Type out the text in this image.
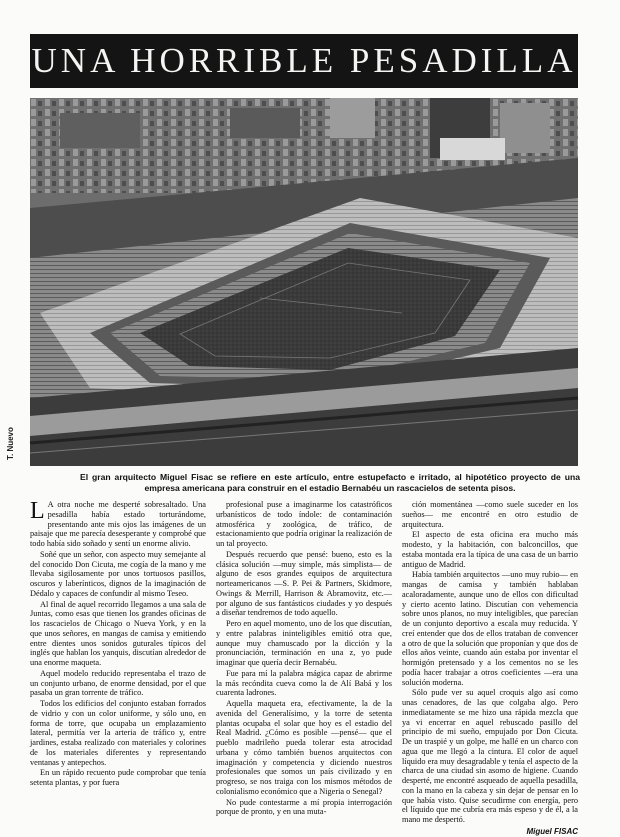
UNA HORRIBLE PESADILLA
T. Nuevo
El gran arquitecto Miguel Fisac se refiere en este artículo, entre estupefacto e irritado, al hipotético proyecto de una empresa americana para construir en el estadio Bernabéu un rascacielos de setenta pisos.

L A otra noche me desperté sobresaltado. Una pesadilla había estado torturándome, presentando ante mis ojos las imágenes de un paisaje que me parecía desesperante y comprobé que todo había sido soñado y sentí un enorme alivio.

Soñé que un señor, con aspecto muy semejante al del conocido Don Cicuta, me cogía de la mano y me llevaba sigilosamente por unos tortuosos pasillos, oscuros y laberínticos, dignos de la imaginación de Dédalo y capaces de confundir al mismo Teseo.

Al final de aquel recorrido llegamos a una sala de Juntas, como esas que tienen los grandes oficinas de los rascacielos de Chicago o Nueva York, y en la que unos señores, en mangas de camisa y emitiendo entre dientes unos sonidos guturales típicos del inglés que hablan los yanquis, discutían alrededor de una enorme maqueta.

Aquel modelo reducido representaba el trazo de un conjunto urbano, de enorme densidad, por el que pasaba un gran torrente de tráfico.

Todos los edificios del conjunto estaban forrados de vidrio y con un color uniforme, y sólo uno, en forma de torre, que ocupaba un emplazamiento lateral, permitía ver la arteria de tráfico y, entre jardines, estaba realizado con materiales y colorines de los materiales diferentes y representando ventanas y antepechos.

En un rápido recuento pude comprobar que tenía setenta plantas, y por fuera

profesional puse a imaginarme los catastróficos urbanísticos de todo índole: de contaminación atmosférica y zoológica, de tráfico, de estacionamiento que podría originar la realización de un tal proyecto.

Después recuerdo que pensé: bueno, esto es la clásica solución —muy simple, más simplista— de alguno de esos grandes equipos de arquitectura norteamericanos —S. P. Pei & Partners, Skidmore, Owings & Merrill, Harrison & Abramovitz, etc.— por alguno de sus fantásticos ciudades y yo después a diseñar tendremos de todo aquello.

Pero en aquel momento, uno de los que discutían, y entre palabras ininteligibles emitió otra que, aunque muy chamuscado por la dicción y la pronunciación, terminación en una z, yo pude imaginar que quería decir Bernabéu.

Fue para mí la palabra mágica capaz de abrirme la más recóndita cueva como la de Alí Babá y los cuarenta ladrones.

Aquella maqueta era, efectivamente, la de la avenida del Generalísimo, y la torre de setenta plantas ocupaba el solar que hoy es el estadio del Real Madrid. ¿Cómo es posible —pensé— que el pueblo madrileño pueda tolerar esta atrocidad urbana y cómo también buenos arquitectos con imaginación y competencia y diciendo nuestros profesionales que somos un país civilizado y en progreso, se nos traiga con los mismos métodos de colonialismo económico que a Nigeria o Senegal?

No pude contestarme a mí propia interrogación porque de pronto, y en una muta-

ción momentánea —como suele suceder en los sueños— me encontré en otro estudio de arquitectura.

El aspecto de esta oficina era mucho más modesto, y la habitación, con balconcillos, que estaba montada era la típica de una casa de un barrio antiguo de Madrid.

Había también arquitectos —uno muy rubio— en mangas de camisa y también hablaban acaloradamente, aunque uno de ellos con dificultad y cierto acento latino. Discutían con vehemencia sobre unos planos, no muy inteligibles, que parecían de un conjunto deportivo a escala muy reducida. Y creí entender que dos de ellos trataban de convencer a otro de que la solución que proponían y que dos de ellos años veinte, cuando aún estaba por inventar el hormigón pretensado y a los cementos no se les podía hacer trabajar a otros coeficientes —era una solución moderna.

Sólo pude ver su aquel croquis algo así como unas cenadores, de las que colgaba algo. Pero inmediatamente se me hizo una rápida mezcla que ya vi encerrar en aquel rebuscado pasillo del principio de mi sueño, empujado por Don Cicuta. De un traspié y un golpe, me hallé en un charco con agua que me llegó a la cintura. El color de aquel líquido era muy desagradable y tenía el aspecto de la charca de una ciudad sin asomo de higiene. Cuando desperté, me encontré asqueado de aquella pesadilla, con la mano en la cabeza y sin dejar de pensar en lo que había visto. Quise secudirme con energía, pero el líquido que me cubría era más espeso y de él, a la mano me despertó.

Miguel FISAC
